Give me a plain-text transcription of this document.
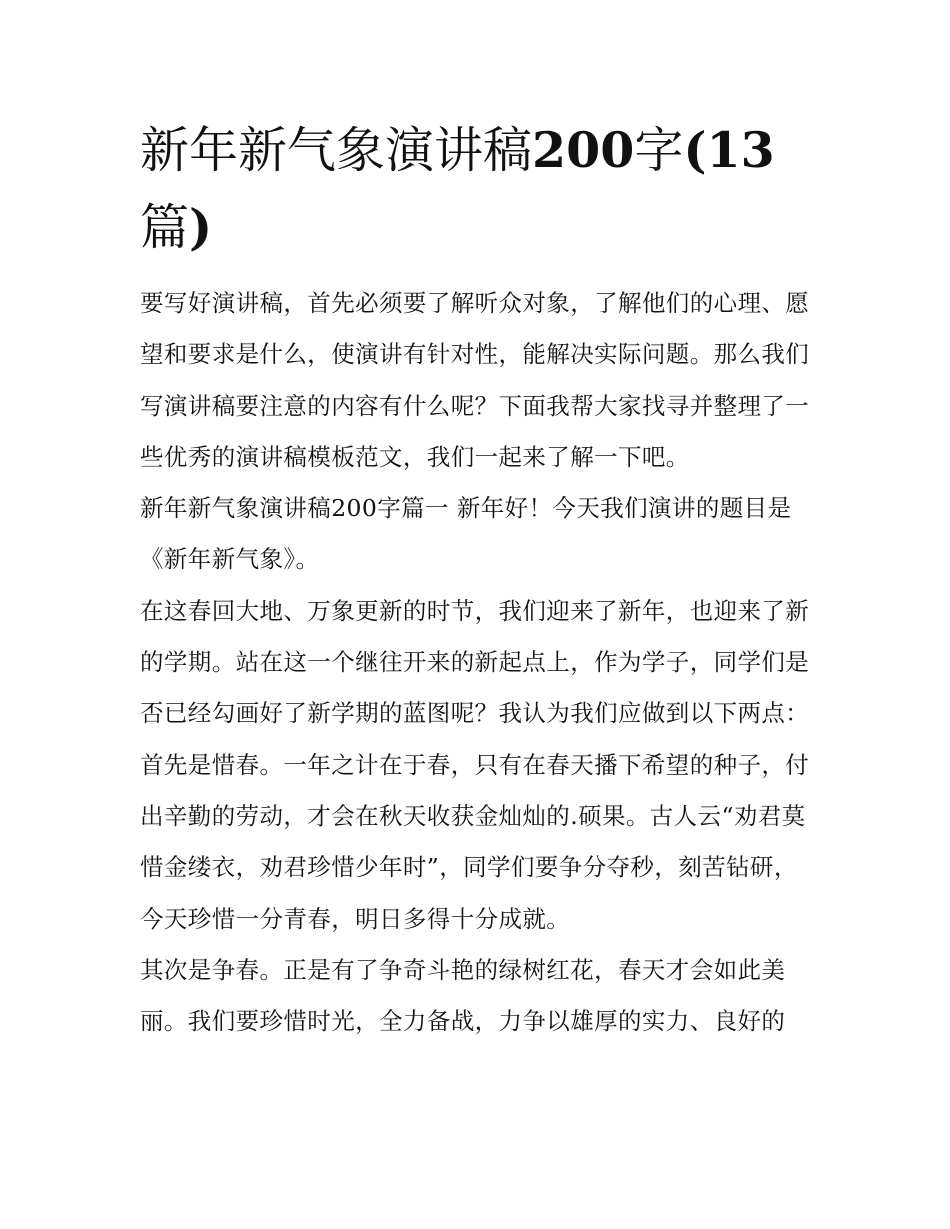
新年新气象演讲稿200字(13篇)

要写好演讲稿，首先必须要了解听众对象，了解他们的心理、愿望和要求是什么，使演讲有针对性，能解决实际问题。那么我们写演讲稿要注意的内容有什么呢？下面我帮大家找寻并整理了一些优秀的演讲稿模板范文，我们一起来了解一下吧。

新年新气象演讲稿200字篇一 新年好！今天我们演讲的题目是《新年新气象》。

在这春回大地、万象更新的时节，我们迎来了新年，也迎来了新的学期。站在这一个继往开来的新起点上，作为学子，同学们是否已经勾画好了新学期的蓝图呢？我认为我们应做到以下两点：

首先是惜春。一年之计在于春，只有在春天播下希望的种子，付出辛勤的劳动，才会在秋天收获金灿灿的.硕果。古人云“劝君莫惜金缕衣，劝君珍惜少年时”，同学们要争分夺秒，刻苦钻研，今天珍惜一分青春，明日多得十分成就。

其次是争春。正是有了争奇斗艳的绿树红花，春天才会如此美丽。我们要珍惜时光，全力备战，力争以雄厚的实力、良好的
